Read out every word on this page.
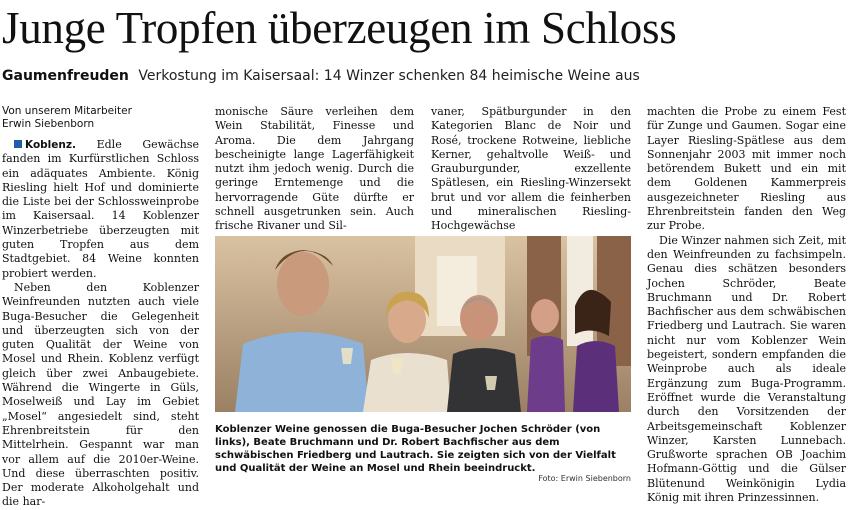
Junge Tropfen überzeugen im Schloss
Gaumenfreuden Verkostung im Kaisersaal: 14 Winzer schenken 84 heimische Weine aus

Von unserem Mitarbeiter
Erwin Siebenborn

Koblenz. Edle Gewächse fanden im Kurfürstlichen Schloss ein adäquates Ambiente. König Riesling hielt Hof und dominierte die Liste bei der Schlossweinprobe im Kaisersaal. 14 Koblenzer Winzerbetriebe überzeugten mit guten Tropfen aus dem Stadtgebiet. 84 Weine konnten probiert werden.

Neben den Koblenzer Weinfreunden nutzten auch viele Buga-Besucher die Gelegenheit und überzeugten sich von der guten Qualität der Weine von Mosel und Rhein. Koblenz verfügt gleich über zwei Anbaugebiete. Während die Wingerte in Güls, Moselweiß und Lay im Gebiet „Mosel“ angesiedelt sind, steht Ehrenbreitstein für den Mittelrhein. Gespannt war man vor allem auf die 2010er-Weine. Und diese überraschten positiv. Der moderate Alkoholgehalt und die har-

monische Säure verleihen dem Wein Stabilität, Finesse und Aroma. Die dem Jahrgang bescheinigte lange Lagerfähigkeit nutzt ihm jedoch wenig. Durch die geringe Erntemenge und die hervorragende Güte dürfte er schnell ausgetrunken sein. Auch frische Rivaner und Sil-

vaner, Spätburgunder in den Kategorien Blanc de Noir und Rosé, trockene Rotweine, liebliche Kerner, gehaltvolle Weiß- und Grauburgunder, exzellente Spätlesen, ein Riesling-Winzersekt brut und vor allem die feinherben und mineralischen Riesling-Hochgewächse

Koblenzer Weine genossen die Buga-Besucher Jochen Schröder (von links), Beate Bruchmann und Dr. Robert Bachfischer aus dem schwäbischen Friedberg und Lautrach. Sie zeigten sich von der Vielfalt und Qualität der Weine an Mosel und Rhein beeindruckt.
Foto: Erwin Siebenborn

machten die Probe zu einem Fest für Zunge und Gaumen. Sogar eine Layer Riesling-Spätlese aus dem Sonnenjahr 2003 mit immer noch betörendem Bukett und ein mit dem Goldenen Kammerpreis ausgezeichneter Riesling aus Ehrenbreitstein fanden den Weg zur Probe.

Die Winzer nahmen sich Zeit, mit den Weinfreunden zu fachsimpeln. Genau dies schätzen besonders Jochen Schröder, Beate Bruchmann und Dr. Robert Bachfischer aus dem schwäbischen Friedberg und Lautrach. Sie waren nicht nur vom Koblenzer Wein begeistert, sondern empfanden die Weinprobe auch als ideale Ergänzung zum Buga-Programm. Eröffnet wurde die Veranstaltung durch den Vorsitzenden der Arbeitsgemeinschaft Koblenzer Winzer, Karsten Lunnebach. Grußworte sprachen OB Joachim Hofmann-Göttig und die Gülser Blütenund Weinkönigin Lydia König mit ihren Prinzessinnen.
